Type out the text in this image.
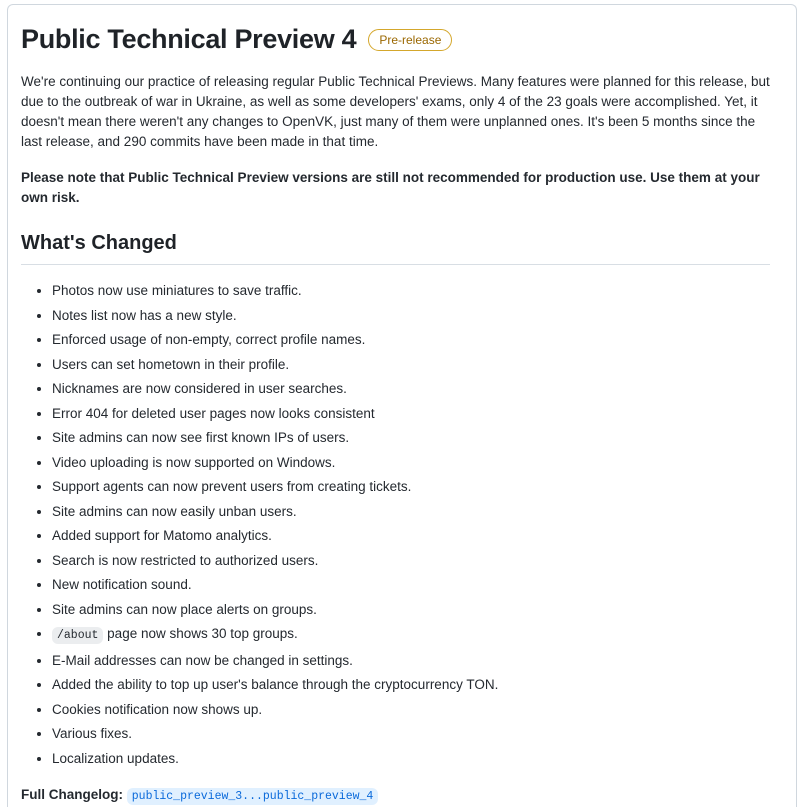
Public Technical Preview 4	Pre-release

We're continuing our practice of releasing regular Public Technical Previews. Many features were planned for this release, but due to the outbreak of war in Ukraine, as well as some developers' exams, only 4 of the 23 goals were accomplished. Yet, it doesn't mean there weren't any changes to OpenVK, just many of them were unplanned ones. It's been 5 months since the last release, and 290 commits have been made in that time.

Please note that Public Technical Preview versions are still not recommended for production use. Use them at your own risk.

What's Changed
• Photos now use miniatures to save traffic.
• Notes list now has a new style.
• Enforced usage of non-empty, correct profile names.
• Users can set hometown in their profile.
• Nicknames are now considered in user searches.
• Error 404 for deleted user pages now looks consistent
• Site admins can now see first known IPs of users.
• Video uploading is now supported on Windows.
• Support agents can now prevent users from creating tickets.
• Site admins can now easily unban users.
• Added support for Matomo analytics.
• Search is now restricted to authorized users.
• New notification sound.
• Site admins can now place alerts on groups.
• /about page now shows 30 top groups.
• E-Mail addresses can now be changed in settings.
• Added the ability to top up user's balance through the cryptocurrency TON.
• Cookies notification now shows up.
• Various fixes.
• Localization updates.

Full Changelog: public_preview_3...public_preview_4
